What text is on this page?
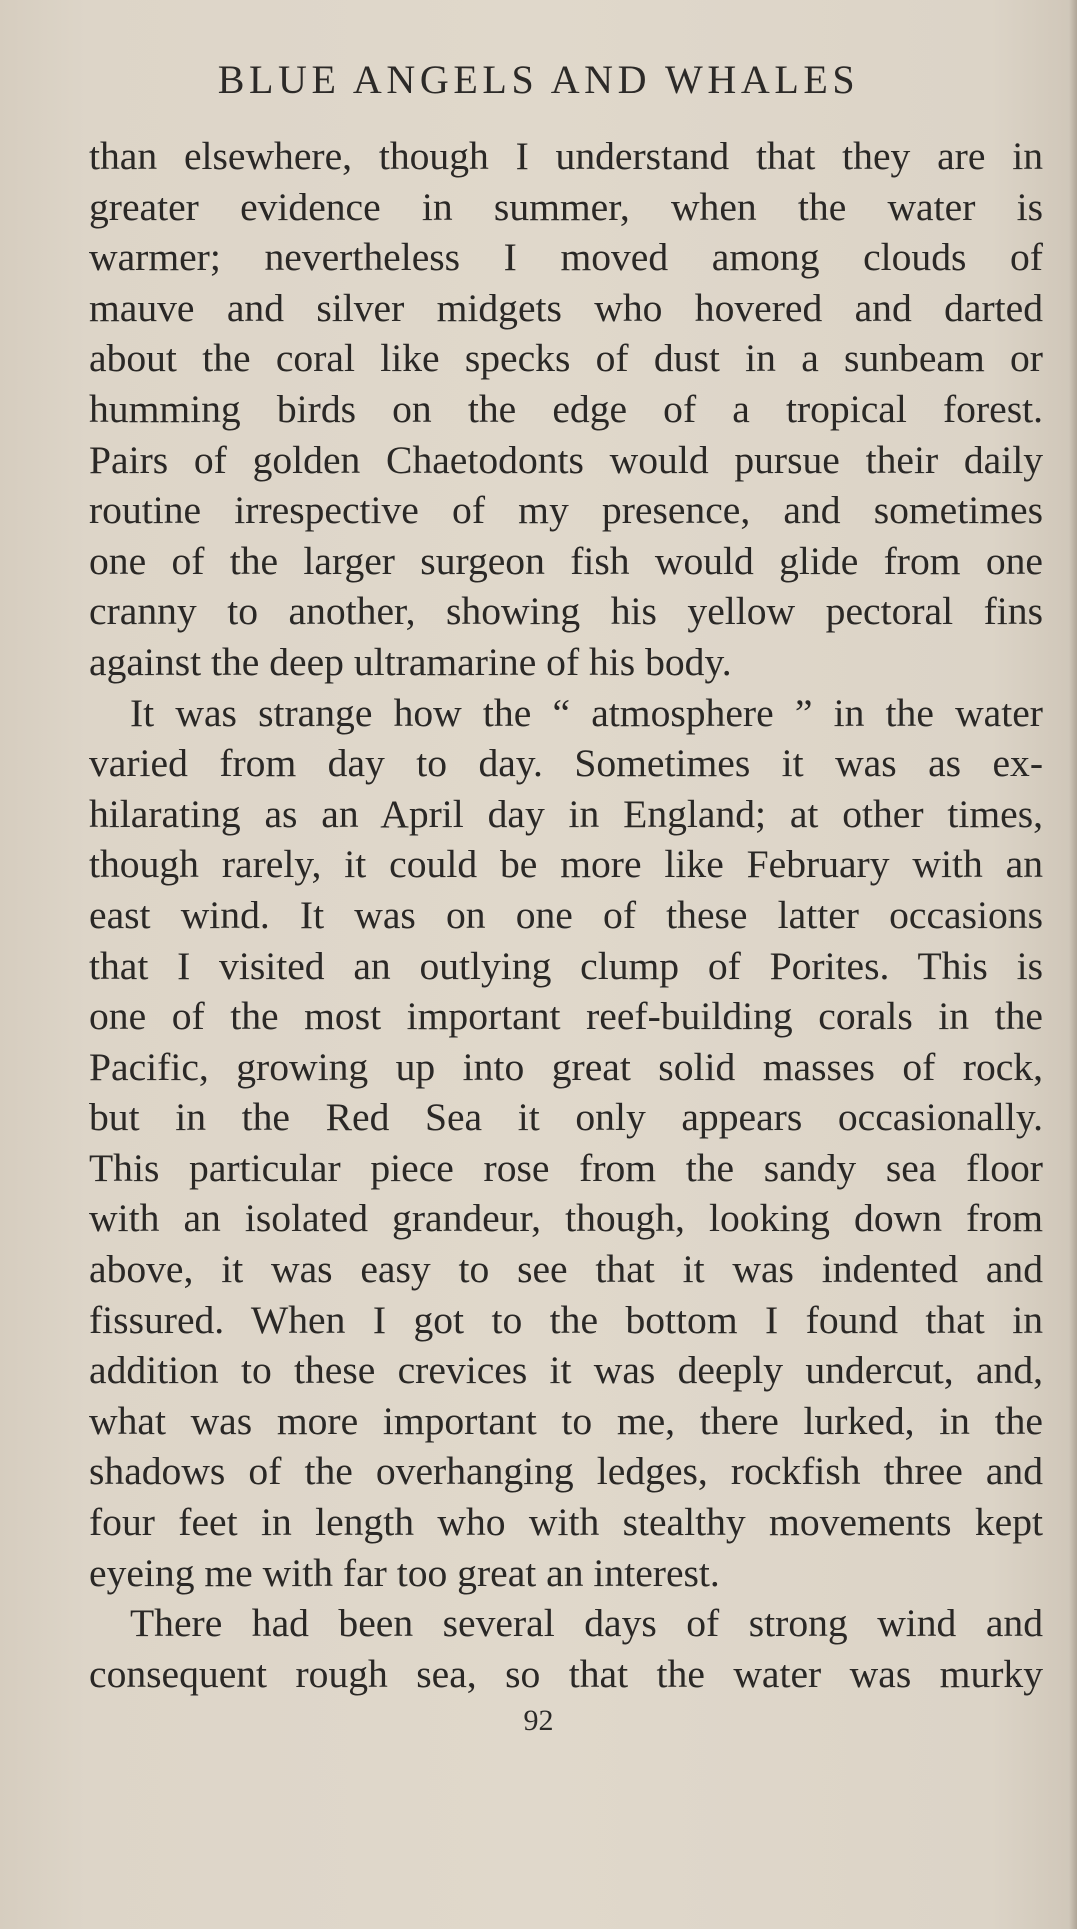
BLUE ANGELS AND WHALES
than elsewhere, though I understand that they are in
greater evidence in summer, when the water is
warmer; nevertheless I moved among clouds of
mauve and silver midgets who hovered and darted
about the coral like specks of dust in a sunbeam or
humming birds on the edge of a tropical forest.
Pairs of golden Chaetodonts would pursue their daily
routine irrespective of my presence, and sometimes
one of the larger surgeon fish would glide from one
cranny to another, showing his yellow pectoral fins
against the deep ultramarine of his body.
It was strange how the “ atmosphere ” in the water
varied from day to day. Sometimes it was as ex-
hilarating as an April day in England; at other times,
though rarely, it could be more like February with an
east wind. It was on one of these latter occasions
that I visited an outlying clump of Porites. This is
one of the most important reef-building corals in the
Pacific, growing up into great solid masses of rock,
but in the Red Sea it only appears occasionally.
This particular piece rose from the sandy sea floor
with an isolated grandeur, though, looking down from
above, it was easy to see that it was indented and
fissured. When I got to the bottom I found that in
addition to these crevices it was deeply undercut, and,
what was more important to me, there lurked, in the
shadows of the overhanging ledges, rockfish three and
four feet in length who with stealthy movements kept
eyeing me with far too great an interest.
There had been several days of strong wind and
consequent rough sea, so that the water was murky
92
